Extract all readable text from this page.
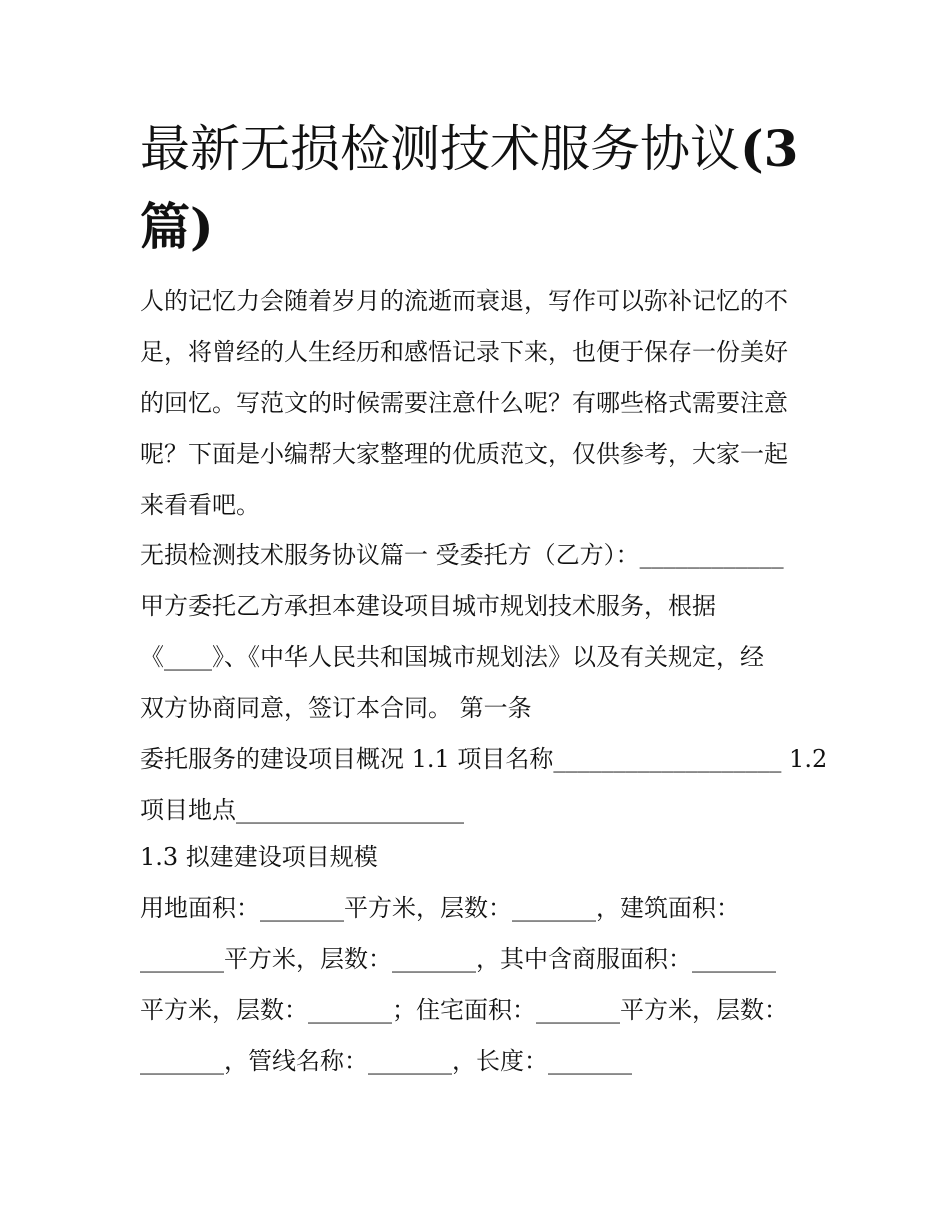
最新无损检测技术服务协议(3
篇)

人的记忆力会随着岁月的流逝而衰退，写作可以弥补记忆的不
足，将曾经的人生经历和感悟记录下来，也便于保存一份美好
的回忆。写范文的时候需要注意什么呢？有哪些格式需要注意
呢？下面是小编帮大家整理的优质范文，仅供参考，大家一起
来看看吧。

无损检测技术服务协议篇一 受委托方（乙方）：____________
甲方委托乙方承担本建设项目城市规划技术服务，根据
《____》、《中华人民共和国城市规划法》以及有关规定，经
双方协商同意，签订本合同。 第一条
委托服务的建设项目概况 1.1 项目名称___________________ 1.2
项目地点___________________

1.3 拟建建设项目规模

用地面积：_______平方米，层数：_______，建筑面积：
_______平方米，层数：_______，其中含商服面积：_______
平方米，层数：_______；住宅面积：_______平方米，层数：
_______，管线名称：_______，长度：_______
